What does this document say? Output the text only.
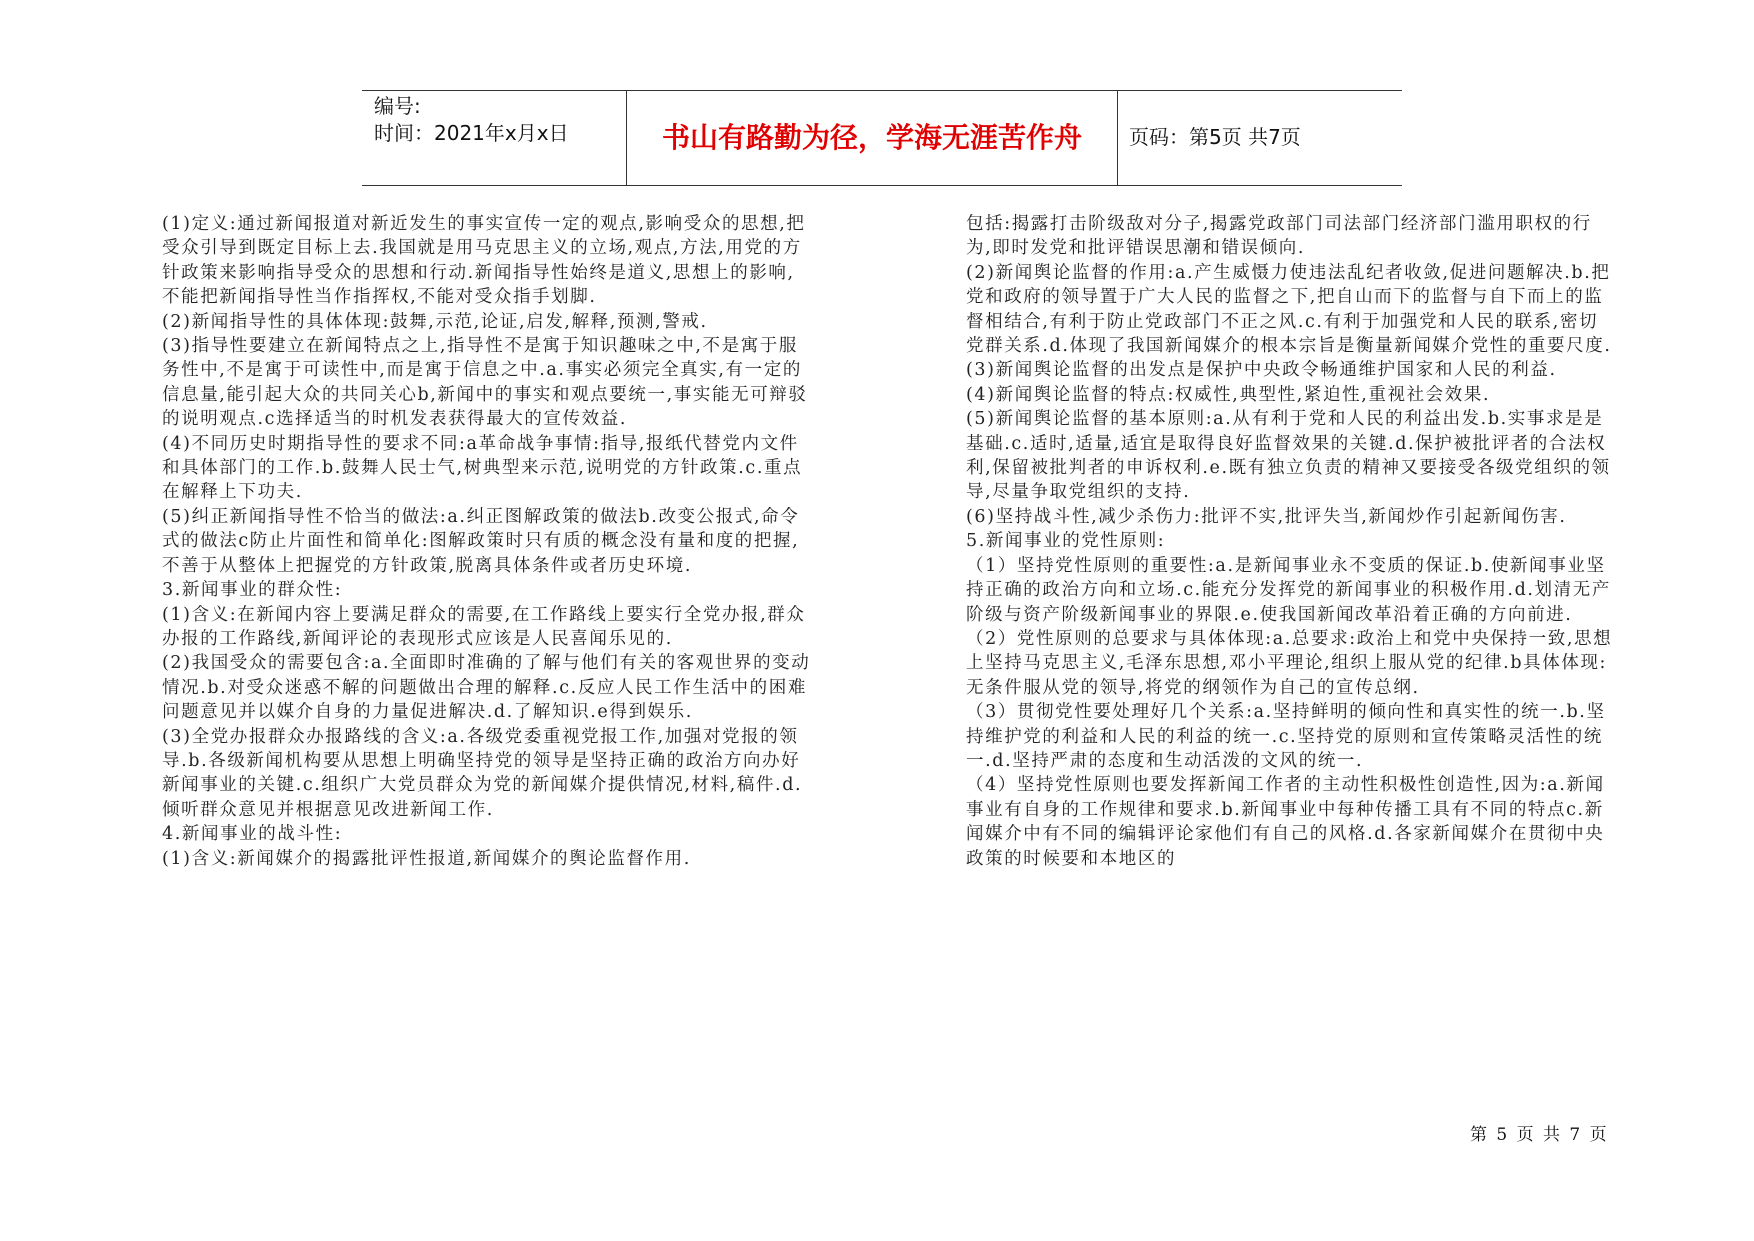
编号:
时间：2021年x月x日	书山有路勤为径，学海无涯苦作舟	页码：第5页 共7页

(1)定义:通过新闻报道对新近发生的事实宣传一定的观点,影响受众的思想,把受众引导到既定目标上去.我国就是用马克思主义的立场,观点,方法,用党的方针政策来影响指导受众的思想和行动.新闻指导性始终是道义,思想上的影响,不能把新闻指导性当作指挥权,不能对受众指手划脚.

(2)新闻指导性的具体体现:鼓舞,示范,论证,启发,解释,预测,警戒.

(3)指导性要建立在新闻特点之上,指导性不是寓于知识趣味之中,不是寓于服务性中,不是寓于可读性中,而是寓于信息之中.a.事实必须完全真实,有一定的信息量,能引起大众的共同关心b,新闻中的事实和观点要统一,事实能无可辩驳的说明观点.c选择适当的时机发表获得最大的宣传效益.

(4)不同历史时期指导性的要求不同:a革命战争事情:指导,报纸代替党内文件和具体部门的工作.b.鼓舞人民士气,树典型来示范,说明党的方针政策.c.重点在解释上下功夫.

(5)纠正新闻指导性不恰当的做法:a.纠正图解政策的做法b.改变公报式,命令式的做法c防止片面性和简单化:图解政策时只有质的概念没有量和度的把握,不善于从整体上把握党的方针政策,脱离具体条件或者历史环境.

3.新闻事业的群众性:

(1)含义:在新闻内容上要满足群众的需要,在工作路线上要实行全党办报,群众办报的工作路线,新闻评论的表现形式应该是人民喜闻乐见的.

(2)我国受众的需要包含:a.全面即时准确的了解与他们有关的客观世界的变动情况.b.对受众迷惑不解的问题做出合理的解释.c.反应人民工作生活中的困难问题意见并以媒介自身的力量促进解决.d.了解知识.e得到娱乐.

(3)全党办报群众办报路线的含义:a.各级党委重视党报工作,加强对党报的领导.b.各级新闻机构要从思想上明确坚持党的领导是坚持正确的政治方向办好新闻事业的关键.c.组织广大党员群众为党的新闻媒介提供情况,材料,稿件.d.倾听群众意见并根据意见改进新闻工作.

4.新闻事业的战斗性:

(1)含义:新闻媒介的揭露批评性报道,新闻媒介的舆论监督作用.

包括:揭露打击阶级敌对分子,揭露党政部门司法部门经济部门滥用职权的行为,即时发党和批评错误思潮和错误倾向.

(2)新闻舆论监督的作用:a.产生威慑力使违法乱纪者收敛,促进问题解决.b.把党和政府的领导置于广大人民的监督之下,把自山而下的监督与自下而上的监督相结合,有利于防止党政部门不正之风.c.有利于加强党和人民的联系,密切党群关系.d.体现了我国新闻媒介的根本宗旨是衡量新闻媒介党性的重要尺度.

(3)新闻舆论监督的出发点是保护中央政令畅通维护国家和人民的利益.

(4)新闻舆论监督的特点:权威性,典型性,紧迫性,重视社会效果.

(5)新闻舆论监督的基本原则:a.从有利于党和人民的利益出发.b.实事求是是基础.c.适时,适量,适宜是取得良好监督效果的关键.d.保护被批评者的合法权利,保留被批判者的申诉权利.e.既有独立负责的精神又要接受各级党组织的领导,尽量争取党组织的支持.

(6)坚持战斗性,减少杀伤力:批评不实,批评失当,新闻炒作引起新闻伤害.

5.新闻事业的党性原则:

（1）坚持党性原则的重要性:a.是新闻事业永不变质的保证.b.使新闻事业坚持正确的政治方向和立场.c.能充分发挥党的新闻事业的积极作用.d.划清无产阶级与资产阶级新闻事业的界限.e.使我国新闻改革沿着正确的方向前进.

（2）党性原则的总要求与具体体现:a.总要求:政治上和党中央保持一致,思想上坚持马克思主义,毛泽东思想,邓小平理论,组织上服从党的纪律.b具体体现:无条件服从党的领导,将党的纲领作为自己的宣传总纲.

（3）贯彻党性要处理好几个关系:a.坚持鲜明的倾向性和真实性的统一.b.坚持维护党的利益和人民的利益的统一.c.坚持党的原则和宣传策略灵活性的统一.d.坚持严肃的态度和生动活泼的文风的统一.

（4）坚持党性原则也要发挥新闻工作者的主动性积极性创造性,因为:a.新闻事业有自身的工作规律和要求.b.新闻事业中每种传播工具有不同的特点c.新闻媒介中有不同的编辑评论家他们有自己的风格.d.各家新闻媒介在贯彻中央政策的时候要和本地区的

第 5 页 共 7 页
